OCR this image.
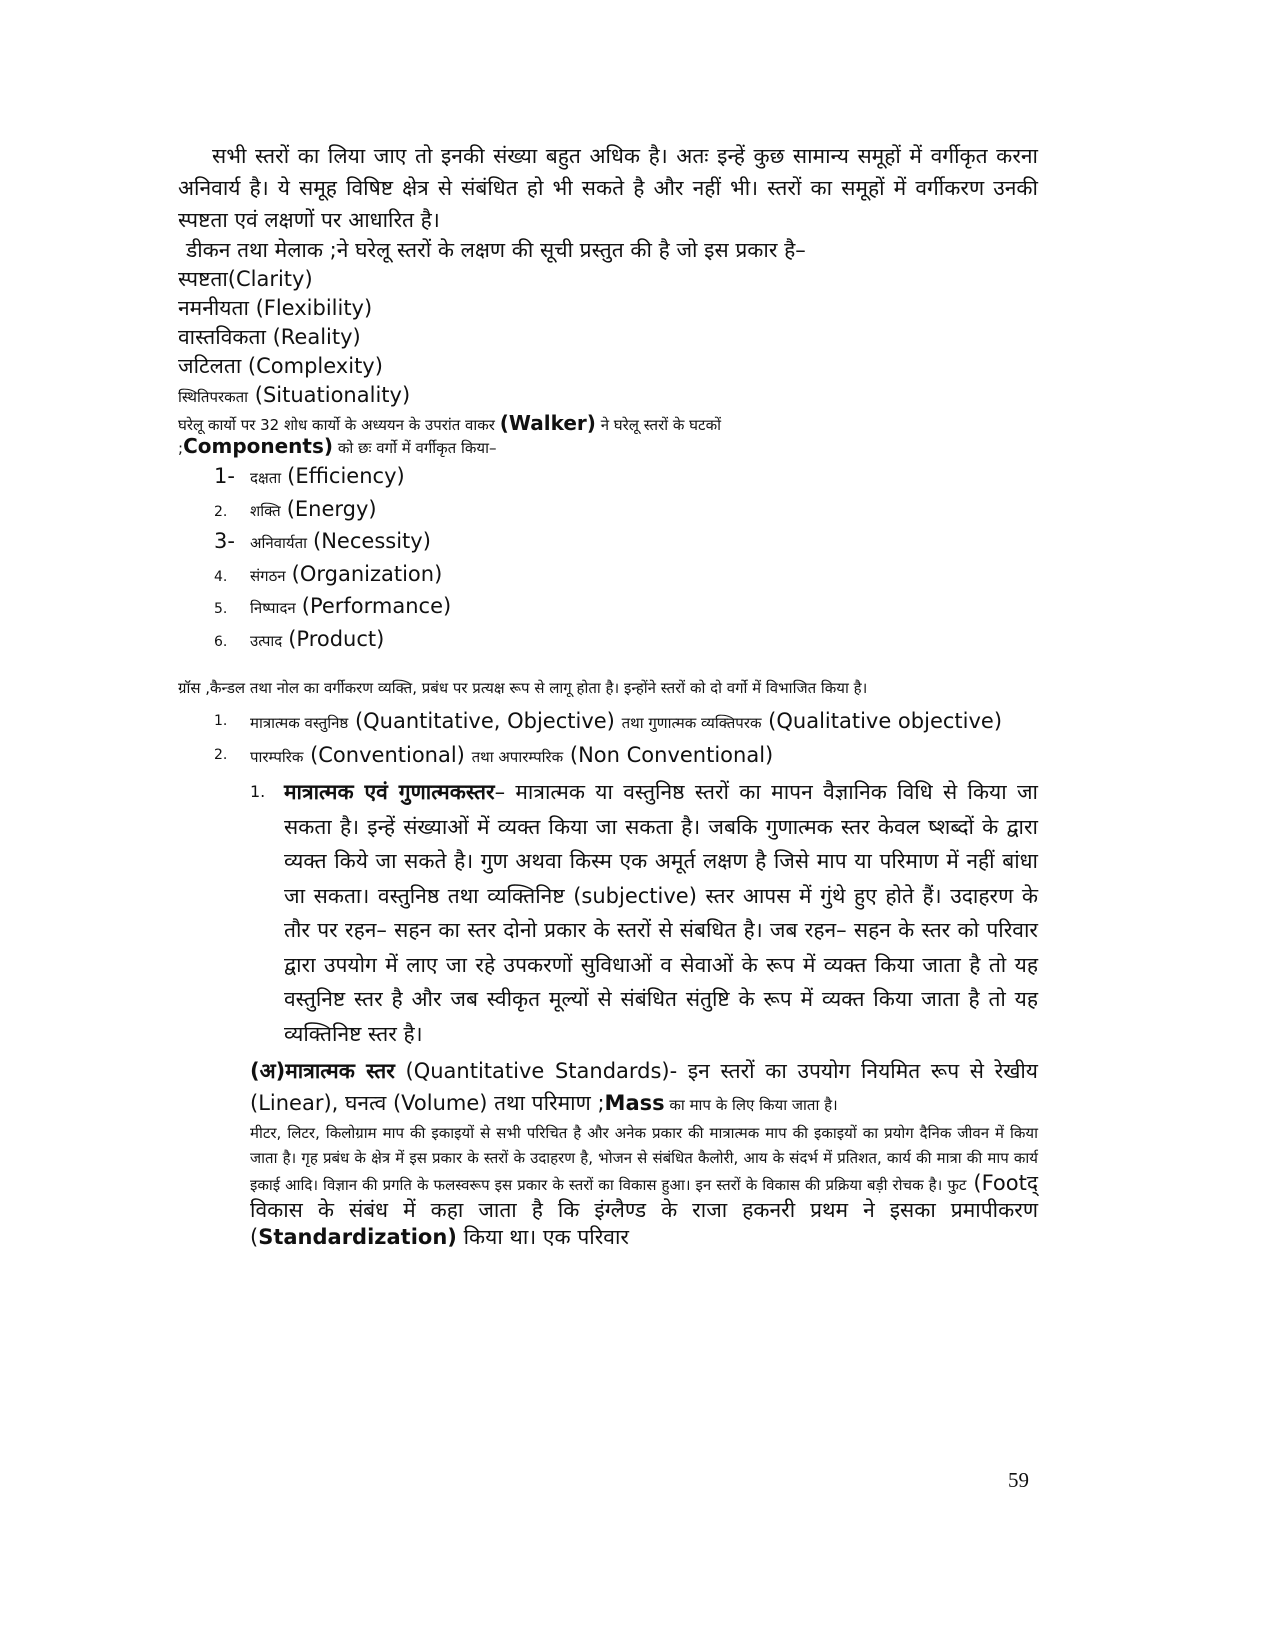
सभी स्तरों का लिया जाए तो इनकी संख्या बहुत अधिक है। अतः इन्हें कुछ सामान्य समूहों में वर्गीकृत करना अनिवार्य है। ये समूह विषिष्ट क्षेत्र से संबंधित हो भी सकते है और नहीं भी। स्तरों का समूहों में वर्गीकरण उनकी स्पष्टता एवं लक्षणों पर आधारित है।

डीकन तथा मेलाक ;ने घरेलू स्तरों के लक्षण की सूची प्रस्तुत की है जो इस प्रकार है–

स्पष्टता(Clarity)

नमनीयता (Flexibility)

वास्तविकता (Reality)

जटिलता (Complexity)

स्थितिपरकता (Situationality)

घरेलू कार्यो पर 32 शोध कार्यो के अध्ययन के उपरांत वाकर (Walker) ने घरेलू स्तरों के घटकों

;Components) को छः वर्गो में वर्गीकृत किया–

1-	दक्षता (Efficiency)
2.	शक्ति (Energy)
3-	अनिवार्यता (Necessity)
4.	संगठन (Organization)
5.	निष्पादन (Performance)
6.	उत्पाद (Product)

ग्रॉस ,कैन्डल तथा नोल का वर्गीकरण व्यक्ति, प्रबंध पर प्रत्यक्ष रूप से लागू होता है। इन्होंने स्तरों को दो वर्गो में विभाजित किया है।

1.	मात्रात्मक वस्तुनिष्ठ (Quantitative, Objective) तथा गुणात्मक व्यक्तिपरक (Qualitative objective)
2.	पारम्परिक (Conventional) तथा अपारम्परिक (Non Conventional)
1. मात्रात्मक एवं गुणात्मकस्तर– मात्रात्मक या वस्तुनिष्ठ स्तरों का मापन वैज्ञानिक विधि से किया जा सकता है। इन्हें संख्याओं में व्यक्त किया जा सकता है। जबकि गुणात्मक स्तर केवल ष्शब्दों के द्वारा व्यक्त किये जा सकते है। गुण अथवा किस्म एक अमूर्त लक्षण है जिसे माप या परिमाण में नहीं बांधा जा सकता। वस्तुनिष्ठ तथा व्यक्तिनिष्ट (subjective) स्तर आपस में गुंथे हुए होते हैं। उदाहरण के तौर पर रहन– सहन का स्तर दोनो प्रकार के स्तरों से संबधित है। जब रहन– सहन के स्तर को परिवार द्वारा उपयोग में लाए जा रहे उपकरणों सुविधाओं व सेवाओं के रूप में व्यक्त किया जाता है तो यह वस्तुनिष्ट स्तर है और जब स्वीकृत मूल्यों से संबंधित संतुष्टि के रूप में व्यक्त किया जाता है तो यह व्यक्तिनिष्ट स्तर है।

(अ)मात्रात्मक स्तर (Quantitative Standards)- इन स्तरों का उपयोग नियमित रूप से रेखीय (Linear), घनत्व (Volume) तथा परिमाण ;Mass का माप के लिए किया जाता है।

मीटर, लिटर, किलोग्राम माप की इकाइयों से सभी परिचित है और अनेक प्रकार की मात्रात्मक माप की इकाइयों का प्रयोग दैनिक जीवन में किया जाता है। गृह प्रबंध के क्षेत्र में इस प्रकार के स्तरों के उदाहरण है, भोजन से संबंधित कैलोरी, आय के संदर्भ में प्रतिशत, कार्य की मात्रा की माप कार्य इकाई आदि। विज्ञान की प्रगति के फलस्वरूप इस प्रकार के स्तरों का विकास हुआ। इन स्तरों के विकास की प्रक्रिया बड़ी रोचक है। फुट (Footद् विकास के संबंध में कहा जाता है कि इंग्लैण्ड के राजा हकनरी प्रथम ने इसका प्रमापीकरण (Standardization) किया था। एक परिवार

59
